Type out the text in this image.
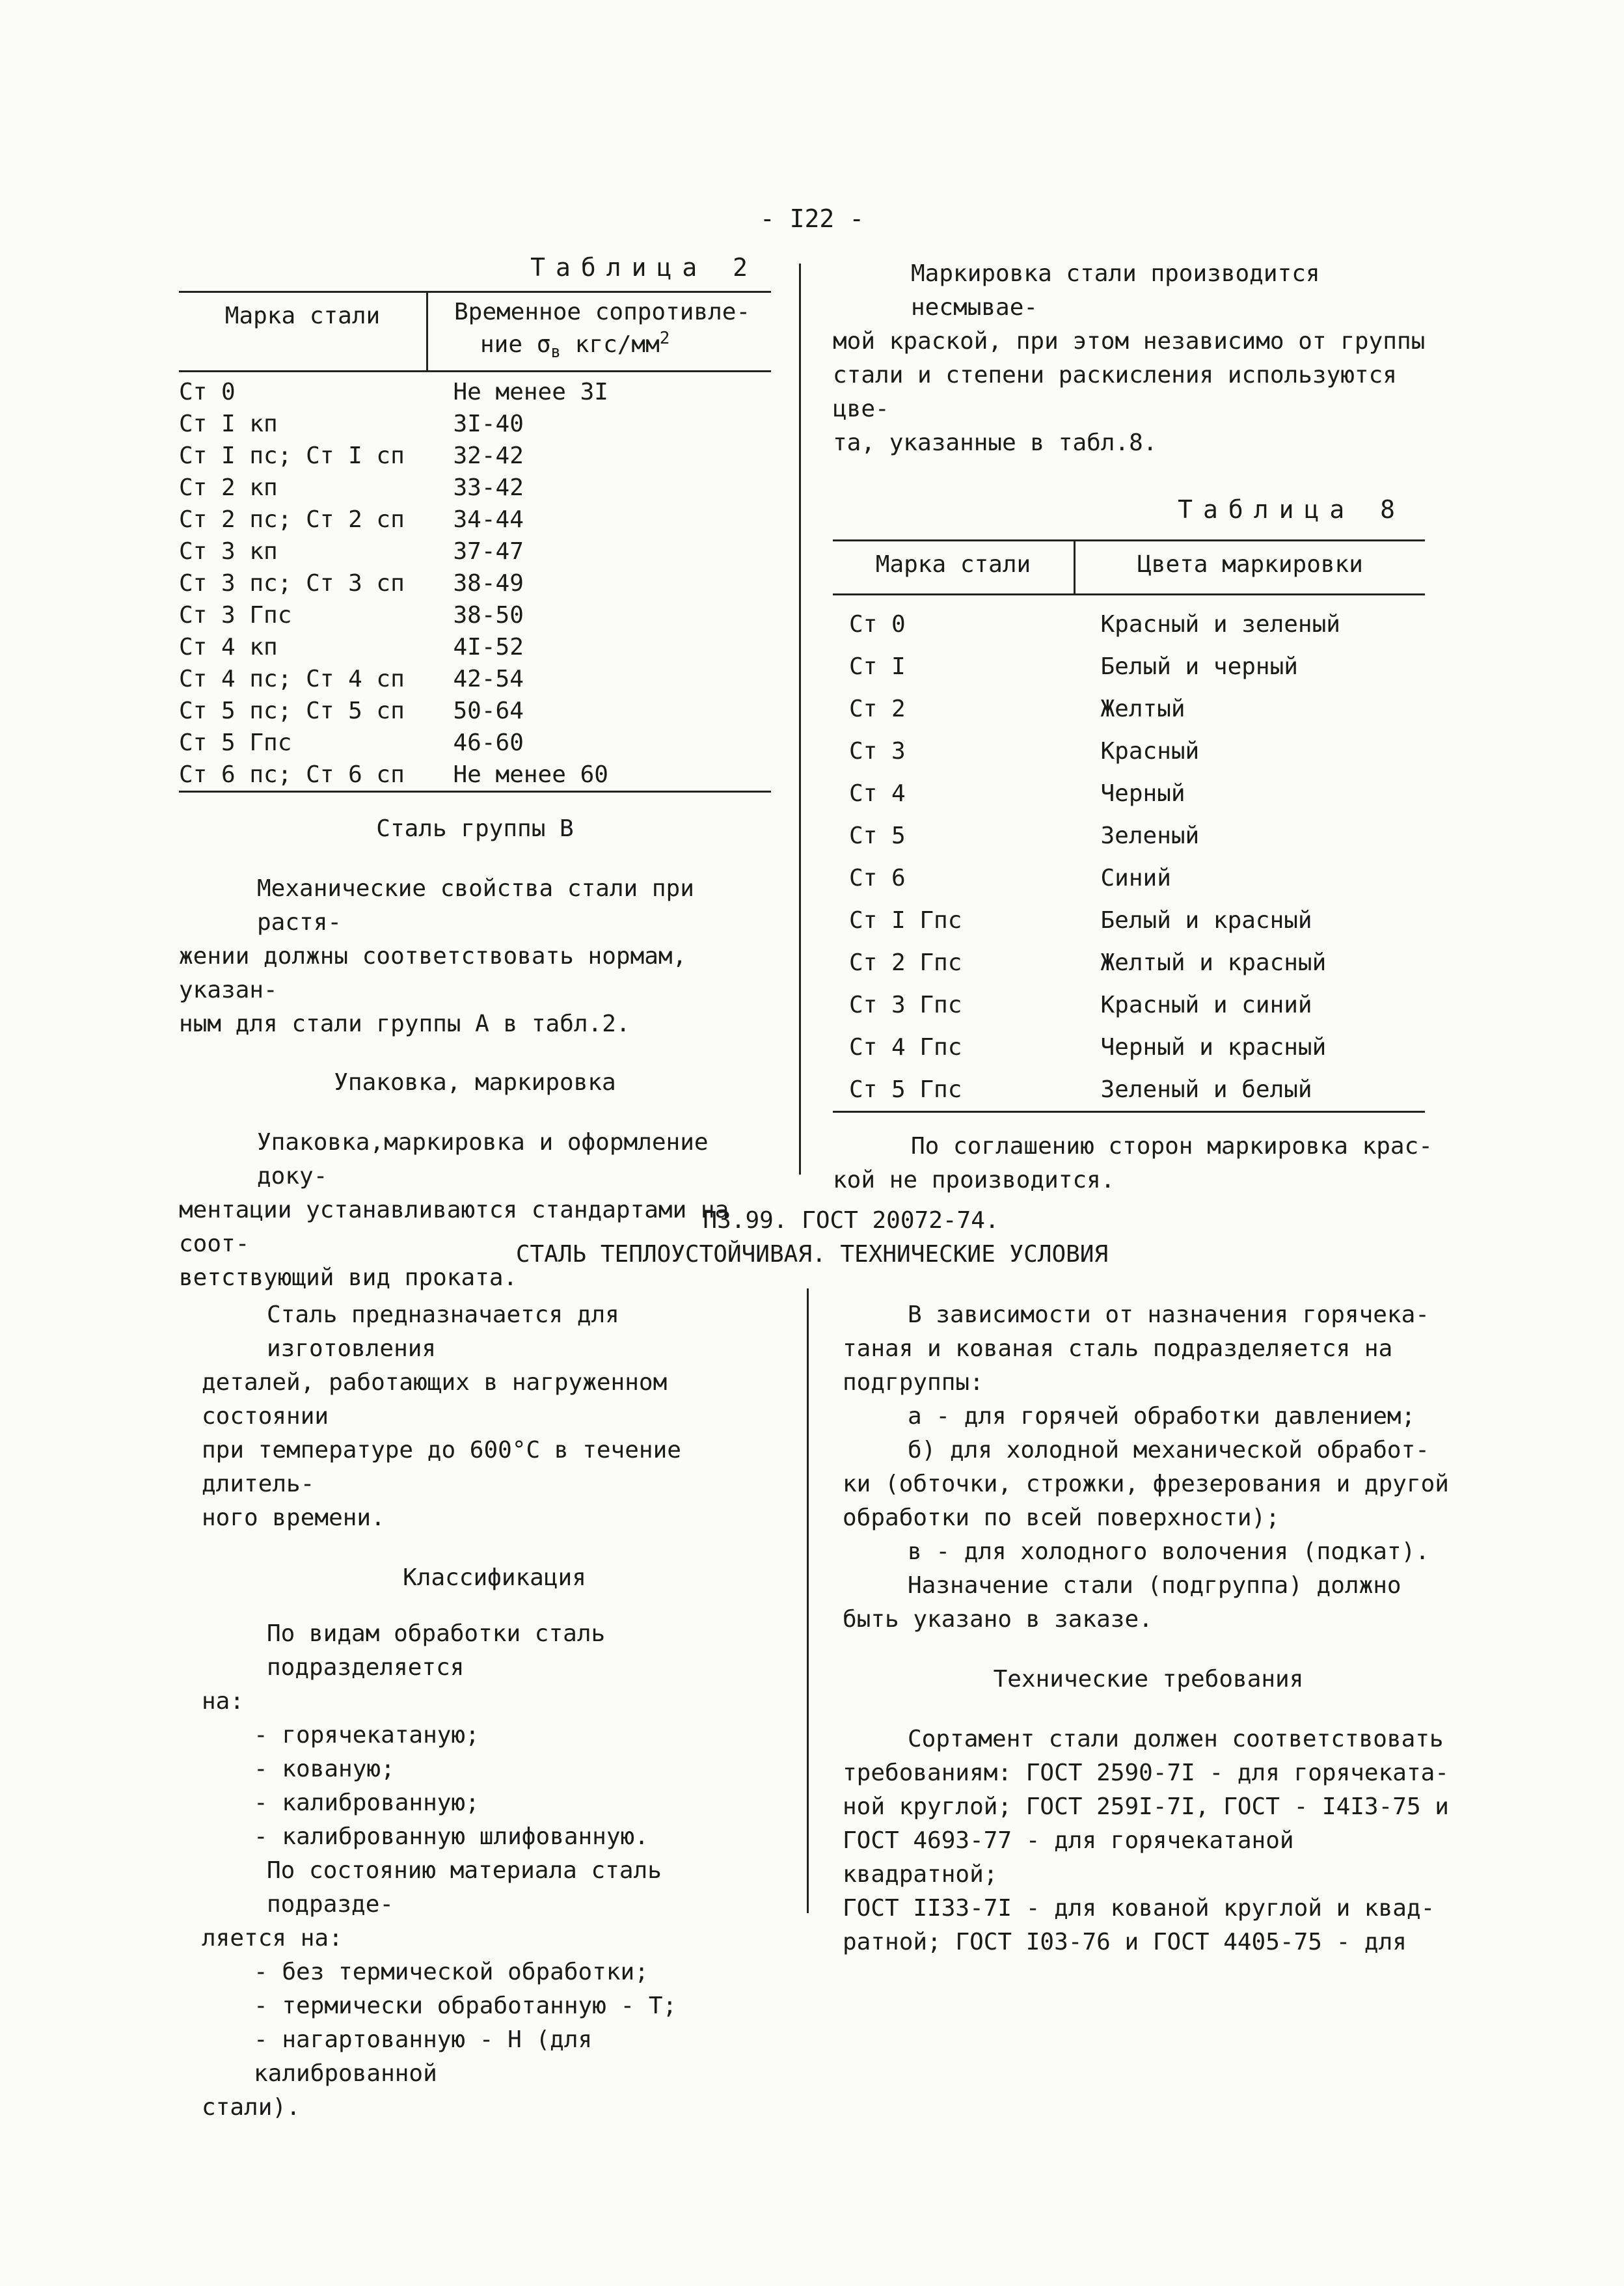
- I22 -
Таблица 2
Марка стали	Временное сопротивле-
ние $\sigma_в$ кгс/$мм^2$
Ст 0	Не менее 3I
Ст I кп	3I-40
Ст I пс; Ст I сп	32-42
Ст 2 кп	33-42
Ст 2 пс; Ст 2 сп	34-44
Ст 3 кп	37-47
Ст 3 пс; Ст 3 сп	38-49
Ст 3 Гпс	38-50
Ст 4 кп	4I-52
Ст 4 пс; Ст 4 сп	42-54
Ст 5 пс; Ст 5 сп	50-64
Ст 5 Гпс	46-60
Ст 6 пс; Ст 6 сп	Не менее 60
Сталь группы В
Механические свойства стали при растя-
жении должны соответствовать нормам, указан-
ным для стали группы А в табл.2.
Упаковка, маркировка
Упаковка,маркировка и оформление доку-
ментации устанавливаются стандартами на соот-
ветствующий вид проката.
Маркировка стали производится несмывае-
мой краской, при этом независимо от группы
стали и степени раскисления используются цве-
та, указанные в табл.8.
Таблица 8
Марка стали	Цвета маркировки
Ст 0	Красный и зеленый
Ст I	Белый и черный
Ст 2	Желтый
Ст 3	Красный
Ст 4	Черный
Ст 5	Зеленый
Ст 6	Синий
Ст I Гпс	Белый и красный
Ст 2 Гпс	Желтый и красный
Ст 3 Гпс	Красный и синий
Ст 4 Гпс	Черный и красный
Ст 5 Гпс	Зеленый и белый
По соглашению сторон маркировка крас-
кой не производится.
ПЗ.99. ГОСТ 20072-74.
СТАЛЬ ТЕПЛОУСТОЙЧИВАЯ. ТЕХНИЧЕСКИЕ УСЛОВИЯ
Сталь предназначается для изготовления
деталей, работающих в нагруженном состоянии
при температуре до 600°С в течение длитель-
ного времени.
Классификация
По видам обработки сталь подразделяется
на:
- горячекатаную;
- кованую;
- калиброванную;
- калиброванную шлифованную.
По состоянию материала сталь подразде-
ляется на:
- без термической обработки;
- термически обработанную - Т;
- нагартованную - Н (для калиброванной
стали).
В зависимости от назначения горячека-
таная и кованая сталь подразделяется на
подгруппы:
а - для горячей обработки давлением;
б) для холодной механической обработ-
ки (обточки, строжки, фрезерования и другой
обработки по всей поверхности);
в - для холодного волочения (подкат).
Назначение стали (подгруппа) должно
быть указано в заказе.
Технические требования
Сортамент стали должен соответствовать
требованиям: ГОСТ 2590-7I - для горячеката-
ной круглой; ГОСТ 259I-7I, ГОСТ - I4I3-75 и
ГОСТ 4693-77 - для горячекатаной квадратной;
ГОСТ II33-7I - для кованой круглой и квад-
ратной; ГОСТ I03-76 и ГОСТ 4405-75 - для
